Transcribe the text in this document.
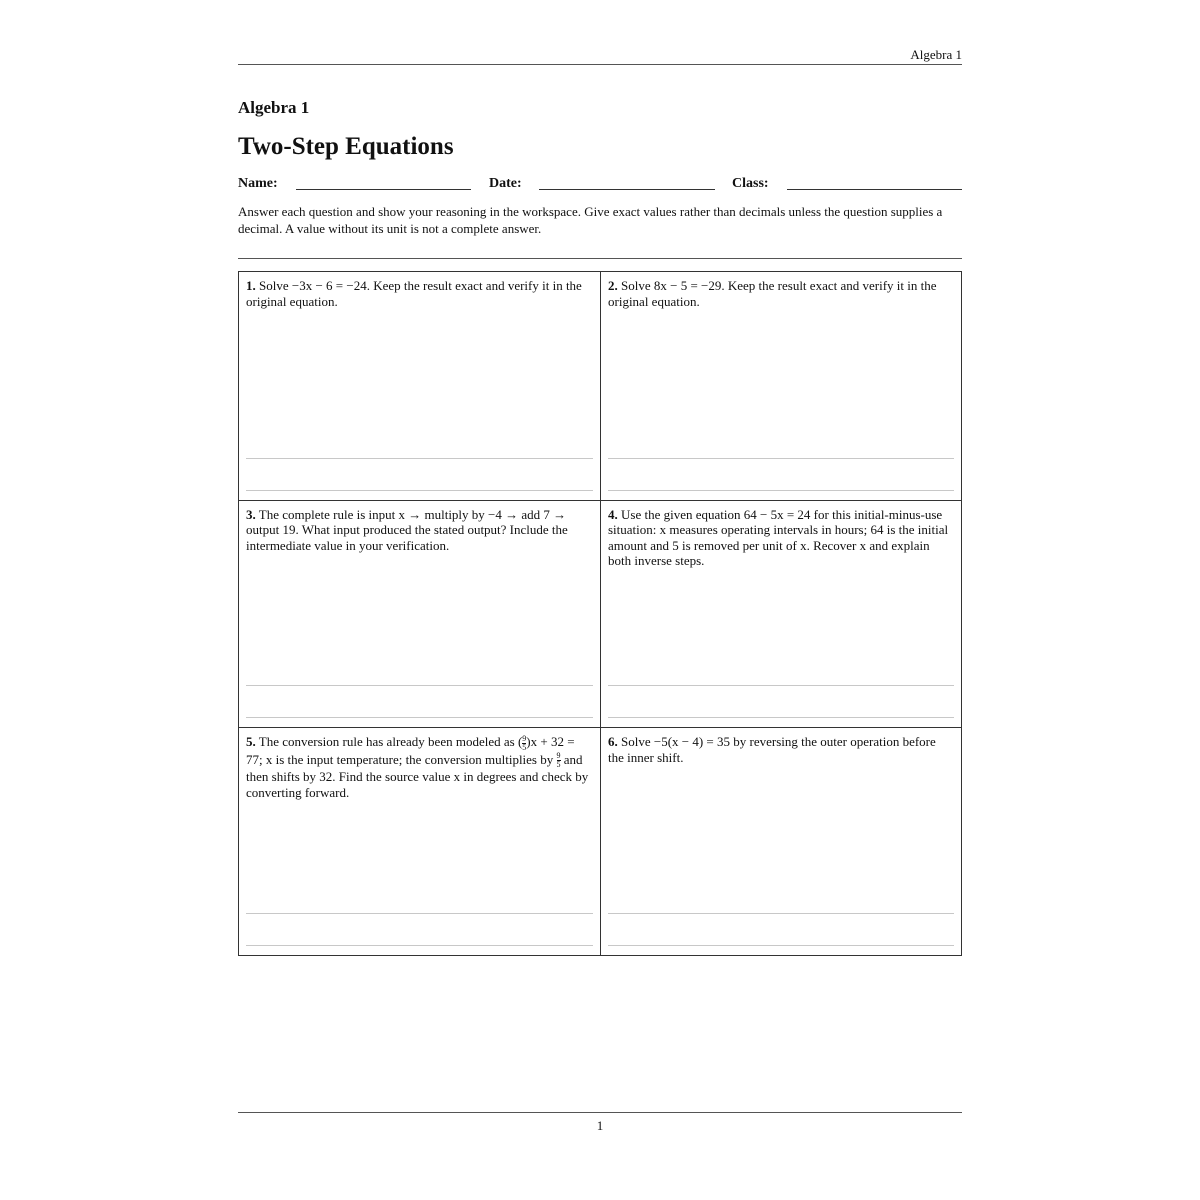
Algebra 1
Algebra 1
Two-Step Equations
Name:	Date:	Class:
Answer each question and show your reasoning in the workspace. Give exact values rather than decimals unless the question supplies a decimal. A value without its unit is not a complete answer.
1. Solve −3x − 6 = −24. Keep the result exact and verify it in the original equation.
2. Solve 8x − 5 = −29. Keep the result exact and verify it in the original equation.
3. The complete rule is input x → multiply by −4 → add 7 → output 19. What input produced the stated output? Include the intermediate value in your verification.
4. Use the given equation 64 − 5x = 24 for this initial-minus-use situation: x measures operating intervals in hours; 64 is the initial amount and 5 is removed per unit of x. Recover x and explain both inverse steps.
5. The conversion rule has already been modeled as ( $\frac{9}{5} )x + 32 = 77$; x is the input temperature; the conversion multiplies by $\frac{9}{5}$ and then shifts by 32. Find the source value x in degrees and check by converting forward.
6. Solve −5(x − 4) = 35 by reversing the outer operation before the inner shift.
1
